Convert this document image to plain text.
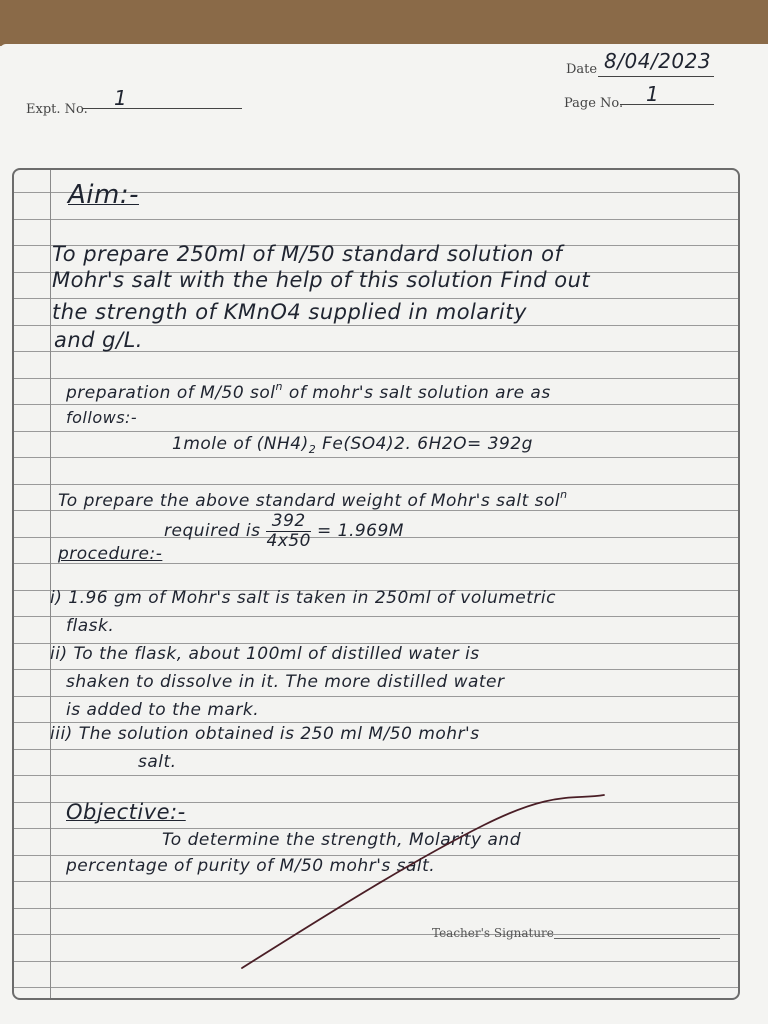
Date 8/04/2023
Expt. No. 1	Page No. 1
Aim:-
To prepare 250ml of M/50 standard solution of
Mohr's salt with the help of this solution Find out
the strength of KMnO4 supplied in molarity
and g/L.
preparation of M/50 sol$^n$ of mohr's salt solution are as
follows:-
1mole of $(NH4)_2$ Fe(SO4)2. 6H2O= 392g
To prepare the above standard weight of Mohr's salt sol$^n$
required is $\frac{392}{4x50} = 1.969M$
procedure:-
i) 1.96 gm of Mohr's salt is taken in 250ml of volumetric
flask.
ii) To the flask, about 100ml of distilled water is
shaken to dissolve in it. The more distilled water
is added to the mark.
iii) The solution obtained is 250 ml M/50 mohr's
salt.
Objective:-
To determine the strength, Molarity and
percentage of purity of M/50 mohr's salt.
Teacher's Signature
